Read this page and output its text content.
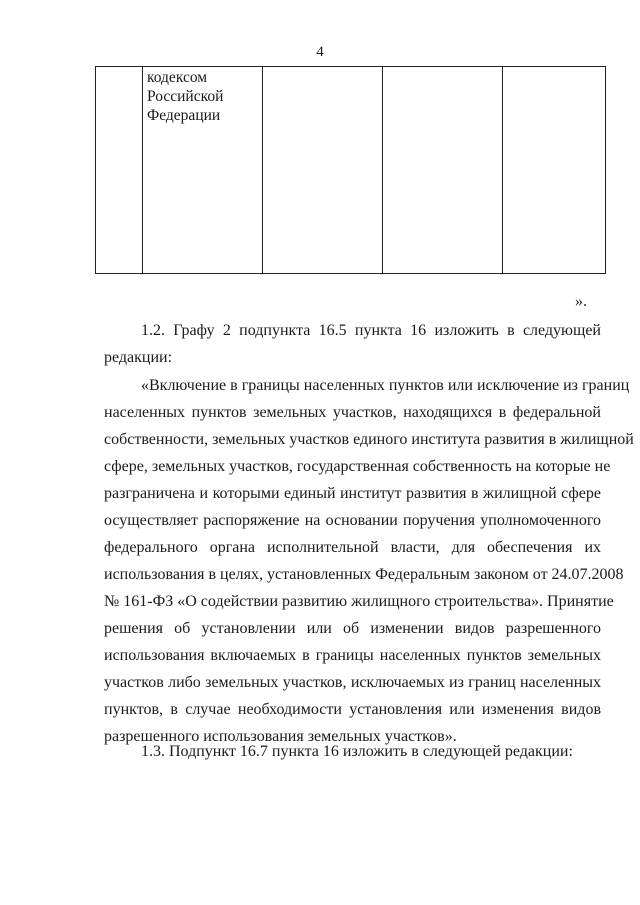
4
кодексом
Российской
Федерации
».
1.2. Графу 2 подпункта 16.5 пункта 16 изложить в следующей
редакции:
«Включение в границы населенных пунктов или исключение из границ
населенных пунктов земельных участков, находящихся в федеральной
собственности, земельных участков единого института развития в жилищной
сфере, земельных участков, государственная собственность на которые не
разграничена и которыми единый институт развития в жилищной сфере
осуществляет распоряжение на основании поручения уполномоченного
федерального органа исполнительной власти, для обеспечения их
использования в целях, установленных Федеральным законом от 24.07.2008
№ 161-ФЗ «О содействии развитию жилищного строительства». Принятие
решения об установлении или об изменении видов разрешенного
использования включаемых в границы населенных пунктов земельных
участков либо земельных участков, исключаемых из границ населенных
пунктов, в случае необходимости установления или изменения видов
разрешенного использования земельных участков».
1.3. Подпункт 16.7 пункта 16 изложить в следующей редакции:
